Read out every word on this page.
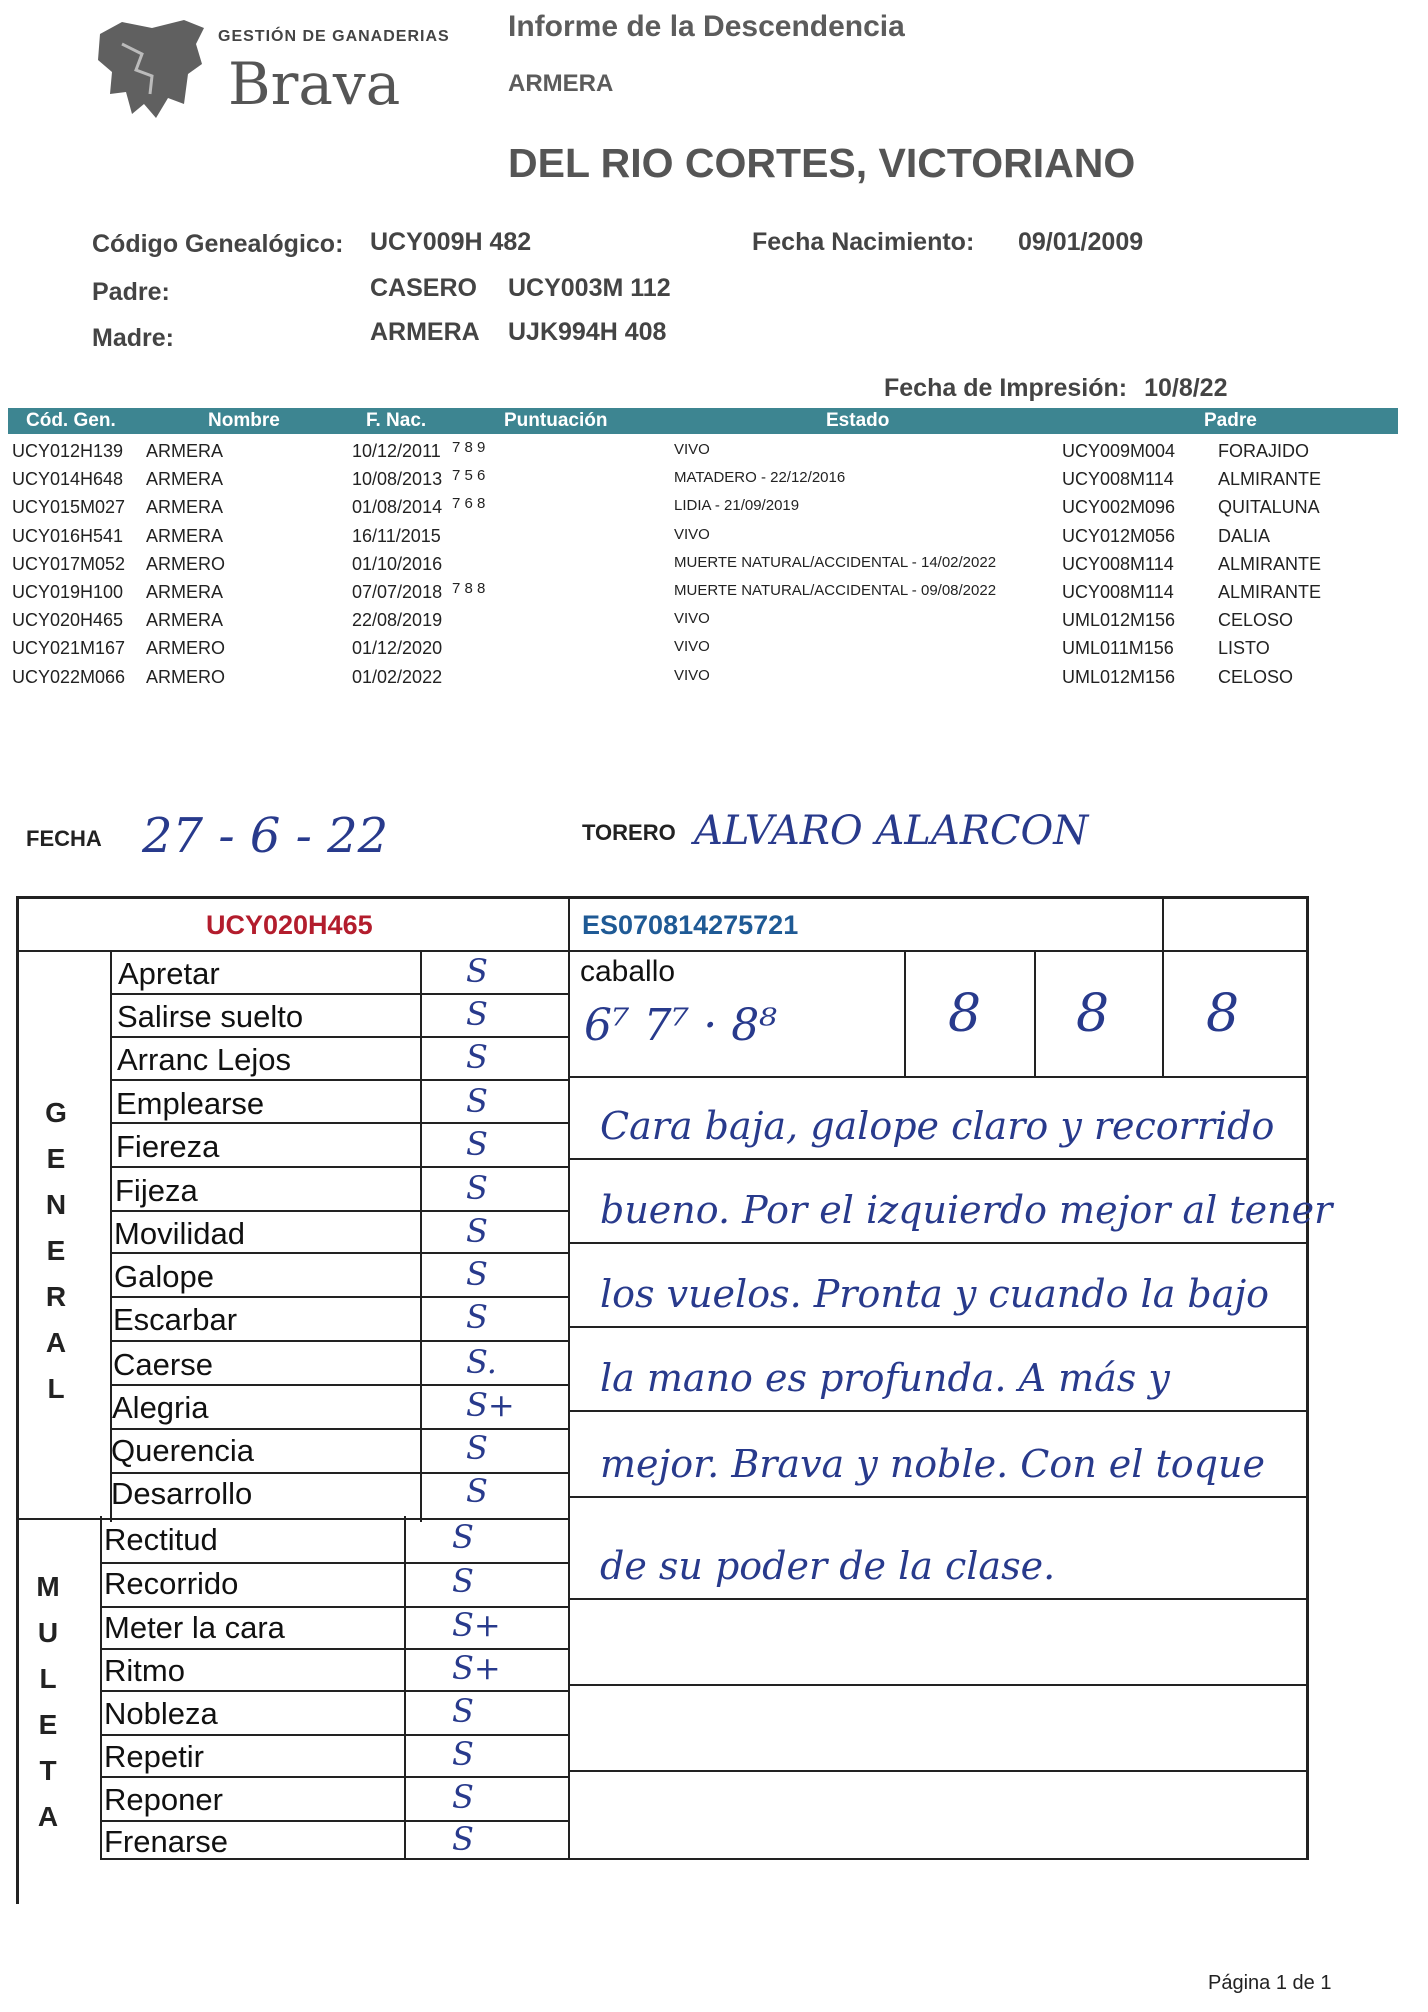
GESTIÓN DE GANADERIAS
Brava
Informe de la Descendencia
ARMERA
DEL RIO CORTES, VICTORIANO
Código Genealógico: UCY009H 482	Fecha Nacimiento: 09/01/2009
Padre:	CASERO UCY003M 112
Madre:	ARMERA UJK994H 408
Fecha de Impresión: 10/8/22
Cód. Gen.	Nombre	F. Nac.	Puntuación	Estado	Padre
UCY012H139 ARMERA	10/12/2011 7 8 9	VIVO	UCY009M004 FORAJIDO
UCY014H648 ARMERA	10/08/2013 7 5 6	MATADERO - 22/12/2016	UCY008M114 ALMIRANTE
UCY015M027 ARMERA	01/08/2014 7 6 8	LIDIA - 21/09/2019	UCY002M096 QUITALUNA
UCY016H541 ARMERA	16/11/2015	VIVO	UCY012M056 DALIA
UCY017M052 ARMERO	01/10/2016	MUERTE NATURAL/ACCIDENTAL - 14/02/2022	UCY008M114 ALMIRANTE
UCY019H100 ARMERA	07/07/2018 7 8 8	MUERTE NATURAL/ACCIDENTAL - 09/08/2022	UCY008M114 ALMIRANTE
UCY020H465 ARMERA	22/08/2019	VIVO	UML012M156 CELOSO
UCY021M167 ARMERO	01/12/2020	VIVO	UML011M156 LISTO
UCY022M066 ARMERO	01/02/2022	VIVO	UML012M156 CELOSO
FECHA 27 - 6 - 22	TORERO ALVARO ALARCON
UCY020H465	ES070814275721
caballo
6⁷ 7⁷ · 8⁸	8 8 8
G
E
N
E
R
A
L
M
U
L
E
T
A
Apretar	S
Salirse suelto	S
Arranc Lejos	S
Emplearse	S
Fiereza	S
Fijeza	S
Movilidad	S
Galope	S
Escarbar	S
Caerse	S.
Alegria	S+
Querencia	S
Desarrollo	S
Rectitud	S
Recorrido	S
Meter la cara	S+
Ritmo	S+
Nobleza	S
Repetir	S
Reponer	S
Frenarse	S
Cara baja, galope claro y recorrido
bueno. Por el izquierdo mejor al tener
los vuelos. Pronta y cuando la bajo
la mano es profunda. A más y
mejor. Brava y noble. Con el toque
de su poder de la clase.
Página 1 de 1
